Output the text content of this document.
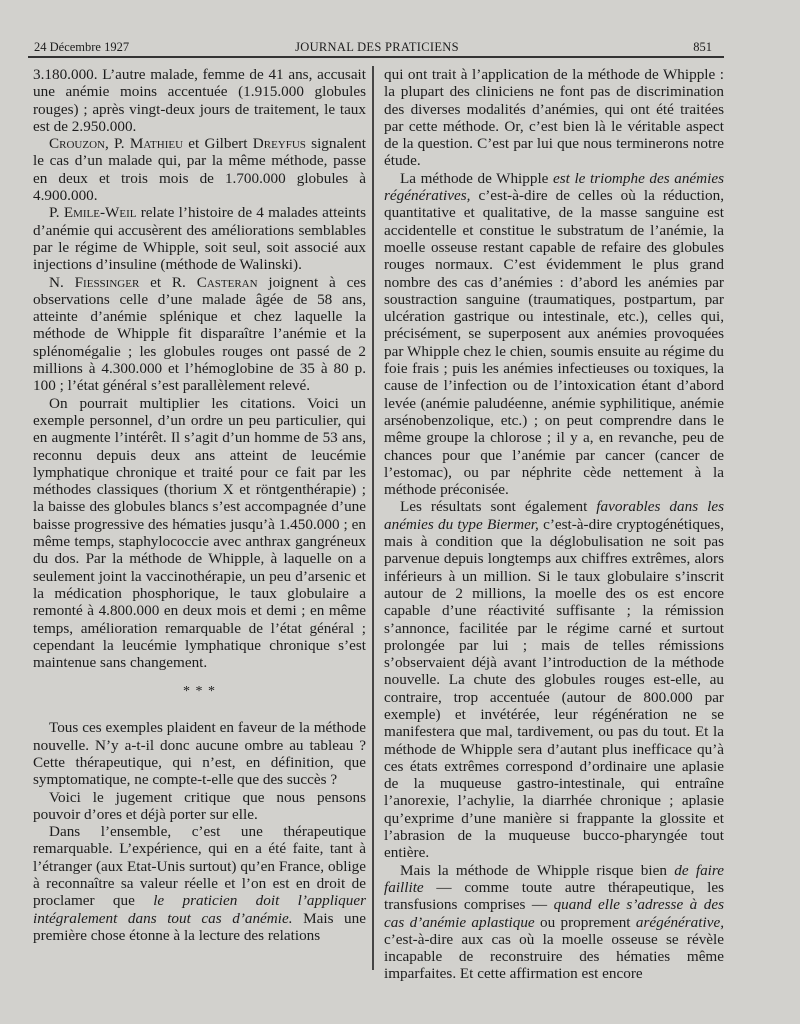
24 Décembre 1927	JOURNAL DES PRATICIENS	851

3.180.000. L’autre malade, femme de 41 ans, accusait une anémie moins accentuée (1.915.000 globules rouges) ; après vingt-deux jours de traitement, le taux est de 2.950.000.

Crouzon, P. Mathieu et Gilbert Dreyfus signalent le cas d’un malade qui, par la même méthode, passe en deux et trois mois de 1.700.000 globules à 4.900.000.

P. Emile-Weil relate l’histoire de 4 malades atteints d’anémie qui accusèrent des améliorations semblables par le régime de Whipple, soit seul, soit associé aux injections d’insuline (méthode de Walinski).

N. Fiessinger et R. Casteran joignent à ces observations celle d’une malade âgée de 58 ans, atteinte d’anémie splénique et chez laquelle la méthode de Whipple fit disparaître l’anémie et la splénomégalie ; les globules rouges ont passé de 2 millions à 4.300.000 et l’hémoglobine de 35 à 80 p. 100 ; l’état général s’est parallèlement relevé.

On pourrait multiplier les citations. Voici un exemple personnel, d’un ordre un peu particulier, qui en augmente l’intérêt. Il s’agit d’un homme de 53 ans, reconnu depuis deux ans atteint de leucémie lymphatique chronique et traité pour ce fait par les méthodes classiques (thorium X et röntgenthérapie) ; la baisse des globules blancs s’est accompagnée d’une baisse progressive des hématies jusqu’à 1.450.000 ; en même temps, staphylococcie avec anthrax gangréneux du dos. Par la méthode de Whipple, à laquelle on a seulement joint la vaccinothérapie, un peu d’arsenic et la médication phosphorique, le taux globulaire a remonté à 4.800.000 en deux mois et demi ; en même temps, amélioration remarquable de l’état général ; cependant la leucémie lymphatique chronique s’est maintenue sans changement.

* * *

Tous ces exemples plaident en faveur de la méthode nouvelle. N’y a-t-il donc aucune ombre au tableau ? Cette thérapeutique, qui n’est, en définition, que symptomatique, ne compte-t-elle que des succès ?

Voici le jugement critique que nous pensons pouvoir d’ores et déjà porter sur elle.

Dans l’ensemble, c’est une thérapeutique remarquable. L’expérience, qui en a été faite, tant à l’étranger (aux Etat-Unis surtout) qu’en France, oblige à reconnaître sa valeur réelle et l’on est en droit de proclamer que le praticien doit l’appliquer intégralement dans tout cas d’anémie. Mais une première chose étonne à la lecture des relations

qui ont trait à l’application de la méthode de Whipple : la plupart des cliniciens ne font pas de discrimination des diverses modalités d’anémies, qui ont été traitées par cette méthode. Or, c’est bien là le véritable aspect de la question. C’est par lui que nous terminerons notre étude.

La méthode de Whipple est le triomphe des anémies régénératives, c’est-à-dire de celles où la réduction, quantitative et qualitative, de la masse sanguine est accidentelle et constitue le substratum de l’anémie, la moelle osseuse restant capable de refaire des globules rouges normaux. C’est évidemment le plus grand nombre des cas d’anémies : d’abord les anémies par soustraction sanguine (traumatiques, postpartum, par ulcération gastrique ou intestinale, etc.), celles qui, précisément, se superposent aux anémies provoquées par Whipple chez le chien, soumis ensuite au régime du foie frais ; puis les anémies infectieuses ou toxiques, la cause de l’infection ou de l’intoxication étant d’abord levée (anémie paludéenne, anémie syphilitique, anémie arsénobenzolique, etc.) ; on peut comprendre dans le même groupe la chlorose ; il y a, en revanche, peu de chances pour que l’anémie par cancer (cancer de l’estomac), ou par néphrite cède nettement à la méthode préconisée.

Les résultats sont également favorables dans les anémies du type Biermer, c’est-à-dire cryptogénétiques, mais à condition que la déglobulisation ne soit pas parvenue depuis longtemps aux chiffres extrêmes, alors inférieurs à un million. Si le taux globulaire s’inscrit autour de 2 millions, la moelle des os est encore capable d’une réactivité suffisante ; la rémission s’annonce, facilitée par le régime carné et surtout prolongée par lui ; mais de telles rémissions s’observaient déjà avant l’introduction de la méthode nouvelle. La chute des globules rouges est-elle, au contraire, trop accentuée (autour de 800.000 par exemple) et invétérée, leur régénération ne se manifestera que mal, tardivement, ou pas du tout. Et la méthode de Whipple sera d’autant plus inefficace qu’à ces états extrêmes correspond d’ordinaire une aplasie de la muqueuse gastro-intestinale, qui entraîne l’anorexie, l’achylie, la diarrhée chronique ; aplasie qu’exprime d’une manière si frappante la glossite et l’abrasion de la muqueuse bucco-pharyngée tout entière.

Mais la méthode de Whipple risque bien de faire faillite — comme toute autre thérapeutique, les transfusions comprises — quand elle s’adresse à des cas d’anémie aplastique ou proprement arégénérative, c’est-à-dire aux cas où la moelle osseuse se révèle incapable de reconstruire des hématies même imparfaites. Et cette affirmation est encore
